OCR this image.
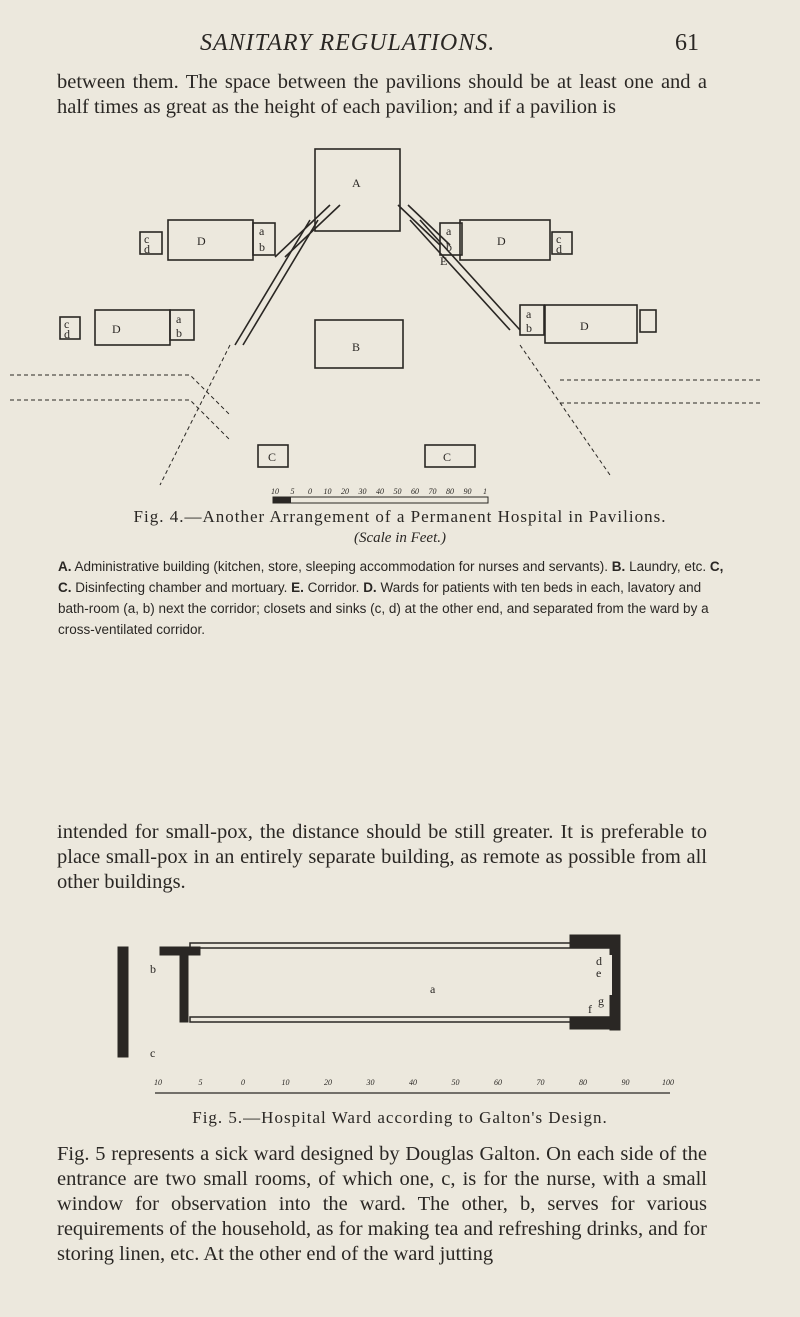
SANITARY REGULATIONS.	61

between them. The space between the pavilions should be at least one and a half times as great as the height of each pavilion; and if a pavilion is

A
B
D	D
D	D
C	C
a
b
a
b
a
b
a
b
c
d
c
d
c
d
E
10 5 0 10 20 30 40 50 60 70 80 90 1
Fig. 4.—Another Arrangement of a Permanent Hospital in Pavilions.
(Scale in Feet.)
A. Administrative building (kitchen, store, sleeping accommodation for nurses and servants). B. Laundry, etc. C, C. Disinfecting chamber and mortuary. E. Corridor. D. Wards for patients with ten beds in each, lavatory and bath-room (a, b) next the corridor; closets and sinks (c, d) at the other end, and separated from the ward by a cross-ventilated corridor.

intended for small-pox, the distance should be still greater. It is preferable to place small-pox in an entirely separate building, as remote as possible from all other buildings.

b
c
a
d
e
f
g
10	5	0	10	20	30	40	50	60	70	80	90	100
Fig. 5.—Hospital Ward according to Galton's Design.

Fig. 5 represents a sick ward designed by Douglas Galton. On each side of the entrance are two small rooms, of which one, c, is for the nurse, with a small window for observation into the ward. The other, b, serves for various requirements of the household, as for making tea and refreshing drinks, and for storing linen, etc. At the other end of the ward jutting
